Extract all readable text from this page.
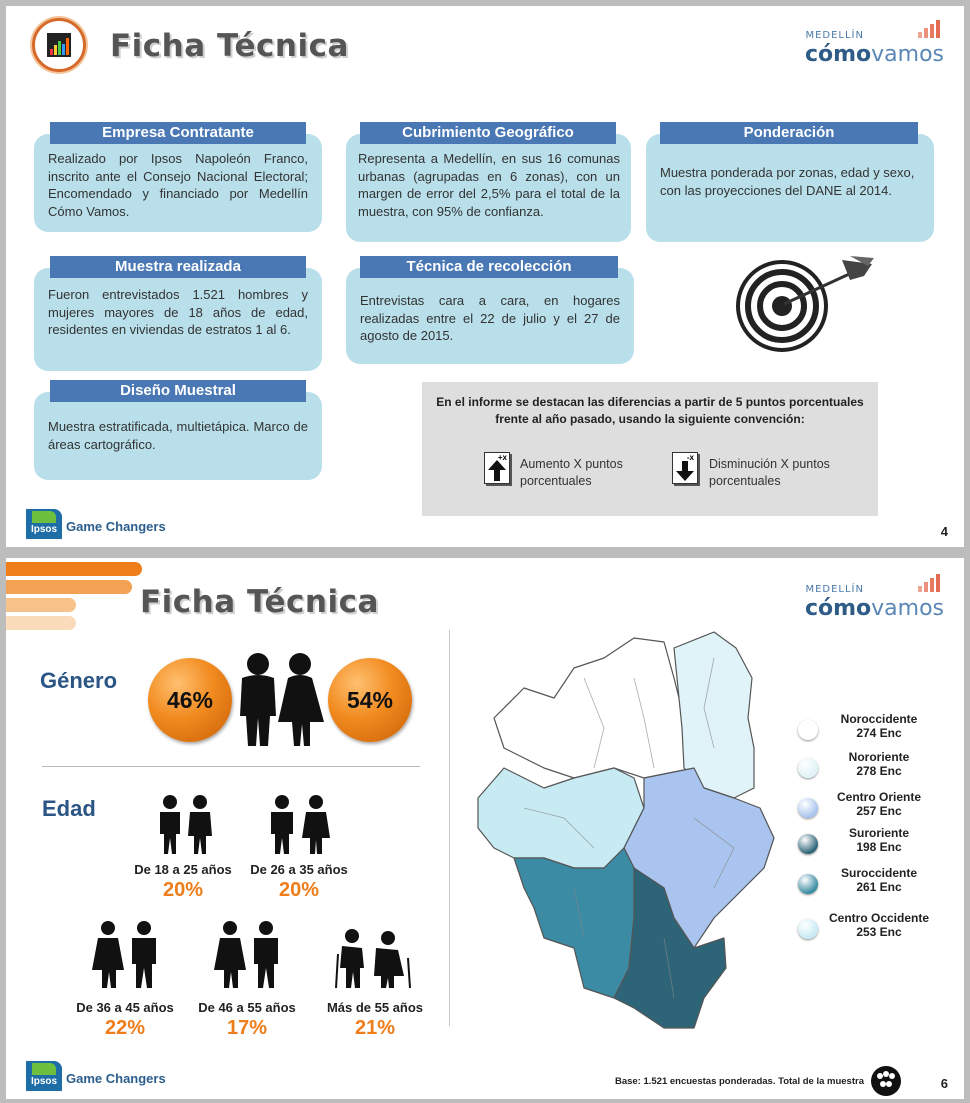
Ficha Técnica	MEDELLÍN
cómovamos
Empresa Contratante
Realizado por Ipsos Napoleón Franco, inscrito ante el Consejo Nacional Electoral; Encomendado y financiado por Medellín Cómo Vamos.
Cubrimiento Geográfico
Representa a Medellín, en sus 16 comunas urbanas (agrupadas en 6 zonas), con un margen de error del 2,5% para el total de la muestra, con 95% de confianza.
Ponderación
Muestra ponderada por zonas, edad y sexo, con las proyecciones del DANE al 2014.
Muestra realizada
Fueron entrevistados 1.521 hombres y mujeres mayores de 18 años de edad, residentes en viviendas de estratos 1 al 6.
Técnica de recolección
Entrevistas cara a cara, en hogares realizadas entre el 22 de julio y el 27 de agosto de 2015.
Diseño Muestral
Muestra estratificada, multietápica. Marco de áreas cartográfico.
En el informe se destacan las diferencias a partir de 5 puntos porcentuales frente al año pasado, usando la siguiente convención:
+x Aumento X puntos porcentuales
-x Disminución X puntos porcentuales
Ipsos Game Changers	4
Ficha Técnica	MEDELLÍN
cómovamos
Género
46%	54%
Edad
De 18 a 25 años
20%
De 26 a 35 años
20%
De 36 a 45 años
22%
De 46 a 55 años
17%
Más de 55 años
21%
Noroccidente
274 Enc
Nororiente
278 Enc
Centro Oriente
257 Enc
Suroriente
198 Enc
Suroccidente
261 Enc
Centro Occidente
253 Enc
Base: 1.521 encuestas ponderadas. Total de la muestra
Ipsos Game Changers	6
